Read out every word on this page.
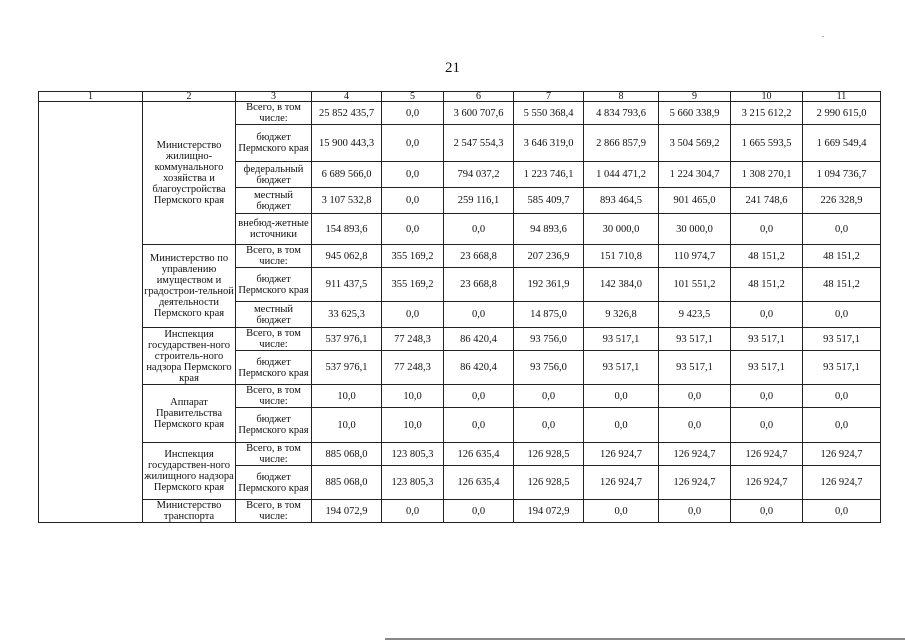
21
1	2	3	4	5	6	7	8	9	10	11
	Министерство жилищно-коммунального хозяйства и благоустройства Пермского края	Всего, в том числе:	25 852 435,7	0,0	3 600 707,6	5 550 368,4	4 834 793,6	5 660 338,9	3 215 612,2	2 990 615,0
		бюджет Пермского края	15 900 443,3	0,0	2 547 554,3	3 646 319,0	2 866 857,9	3 504 569,2	1 665 593,5	1 669 549,4
		федеральный бюджет	6 689 566,0	0,0	794 037,2	1 223 746,1	1 044 471,2	1 224 304,7	1 308 270,1	1 094 736,7
		местный бюджет	3 107 532,8	0,0	259 116,1	585 409,7	893 464,5	901 465,0	241 748,6	226 328,9
		внебюд-жетные источники	154 893,6	0,0	0,0	94 893,6	30 000,0	30 000,0	0,0	0,0
	Министерство по управлению имуществом и градострои-тельной деятельности Пермского края	Всего, в том числе:	945 062,8	355 169,2	23 668,8	207 236,9	151 710,8	110 974,7	48 151,2	48 151,2
		бюджет Пермского края	911 437,5	355 169,2	23 668,8	192 361,9	142 384,0	101 551,2	48 151,2	48 151,2
		местный бюджет	33 625,3	0,0	0,0	14 875,0	9 326,8	9 423,5	0,0	0,0
	Инспекция государствен-ного строитель-ного надзора Пермского края	Всего, в том числе:	537 976,1	77 248,3	86 420,4	93 756,0	93 517,1	93 517,1	93 517,1	93 517,1
		бюджет Пермского края	537 976,1	77 248,3	86 420,4	93 756,0	93 517,1	93 517,1	93 517,1	93 517,1
	Аппарат Правительства Пермского края	Всего, в том числе:	10,0	10,0	0,0	0,0	0,0	0,0	0,0	0,0
		бюджет Пермского края	10,0	10,0	0,0	0,0	0,0	0,0	0,0	0,0
	Инспекция государствен-ного жилищного надзора Пермского края	Всего, в том числе:	885 068,0	123 805,3	126 635,4	126 928,5	126 924,7	126 924,7	126 924,7	126 924,7
		бюджет Пермского края	885 068,0	123 805,3	126 635,4	126 928,5	126 924,7	126 924,7	126 924,7	126 924,7
	Министерство транспорта	Всего, в том числе:	194 072,9	0,0	0,0	194 072,9	0,0	0,0	0,0	0,0
